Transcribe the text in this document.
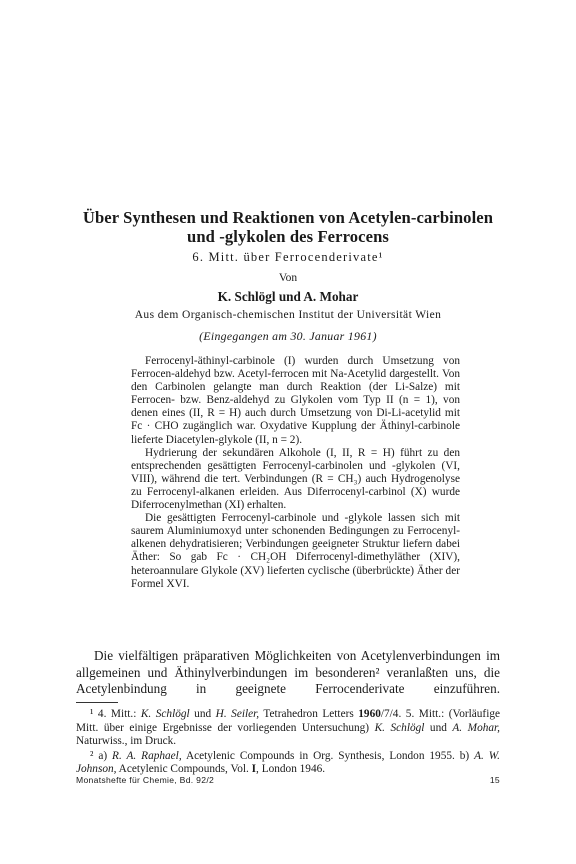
Über Synthesen und Reaktionen von Acetylen-carbinolen
und -glykolen des Ferrocens
6. Mitt. über Ferrocenderivate¹
Von
K. Schlögl und A. Mohar
Aus dem Organisch-chemischen Institut der Universität Wien
(Eingegangen am 30. Januar 1961)

Ferrocenyl-äthinyl-carbinole (I) wurden durch Umsetzung von Ferrocen-aldehyd bzw. Acetyl-ferrocen mit Na-Acetylid dargestellt. Von den Carbinolen gelangte man durch Reaktion (der Li-Salze) mit Ferrocen- bzw. Benz-aldehyd zu Glykolen vom Typ II (n = 1), von denen eines (II, R = H) auch durch Umsetzung von Di-Li-acetylid mit Fc · CHO zugänglich war. Oxydative Kupplung der Äthinyl-carbinole lieferte Diacetylen-glykole (II, n = 2).

Hydrierung der sekundären Alkohole (I, II, R = H) führt zu den entsprechenden gesättigten Ferrocenyl-carbinolen und -glykolen (VI, VIII), während die tert. Verbindungen (R = CH₃) auch Hydrogenolyse zu Ferrocenyl-alkanen erleiden. Aus Diferrocenyl-carbinol (X) wurde Diferrocenylmethan (XI) erhalten.

Die gesättigten Ferrocenyl-carbinole und -glykole lassen sich mit saurem Aluminiumoxyd unter schonenden Bedingungen zu Ferrocenyl-alkenen dehydratisieren; Verbindungen geeigneter Struktur liefern dabei Äther: So gab Fc · CH₂OH Diferrocenyl-dimethyläther (XIV), heteroannulare Glykole (XV) lieferten cyclische (überbrückte) Äther der Formel XVI.

Die vielfältigen präparativen Möglichkeiten von Acetylenverbindungen im allgemeinen und Äthinylverbindungen im besonderen² veranlaßten uns, die Acetylenbindung in geeignete Ferrocenderivate einzuführen.

¹ 4. Mitt.: K. Schlögl und H. Seiler, Tetrahedron Letters 1960/7/4. 5. Mitt.: (Vorläufige Mitt. über einige Ergebnisse der vorliegenden Untersuchung) K. Schlögl und A. Mohar, Naturwiss., im Druck.

² a) R. A. Raphael, Acetylenic Compounds in Org. Synthesis, London 1955. b) A. W. Johnson, Acetylenic Compounds, Vol. I, London 1946.

Monatshefte für Chemie, Bd. 92/2	15
